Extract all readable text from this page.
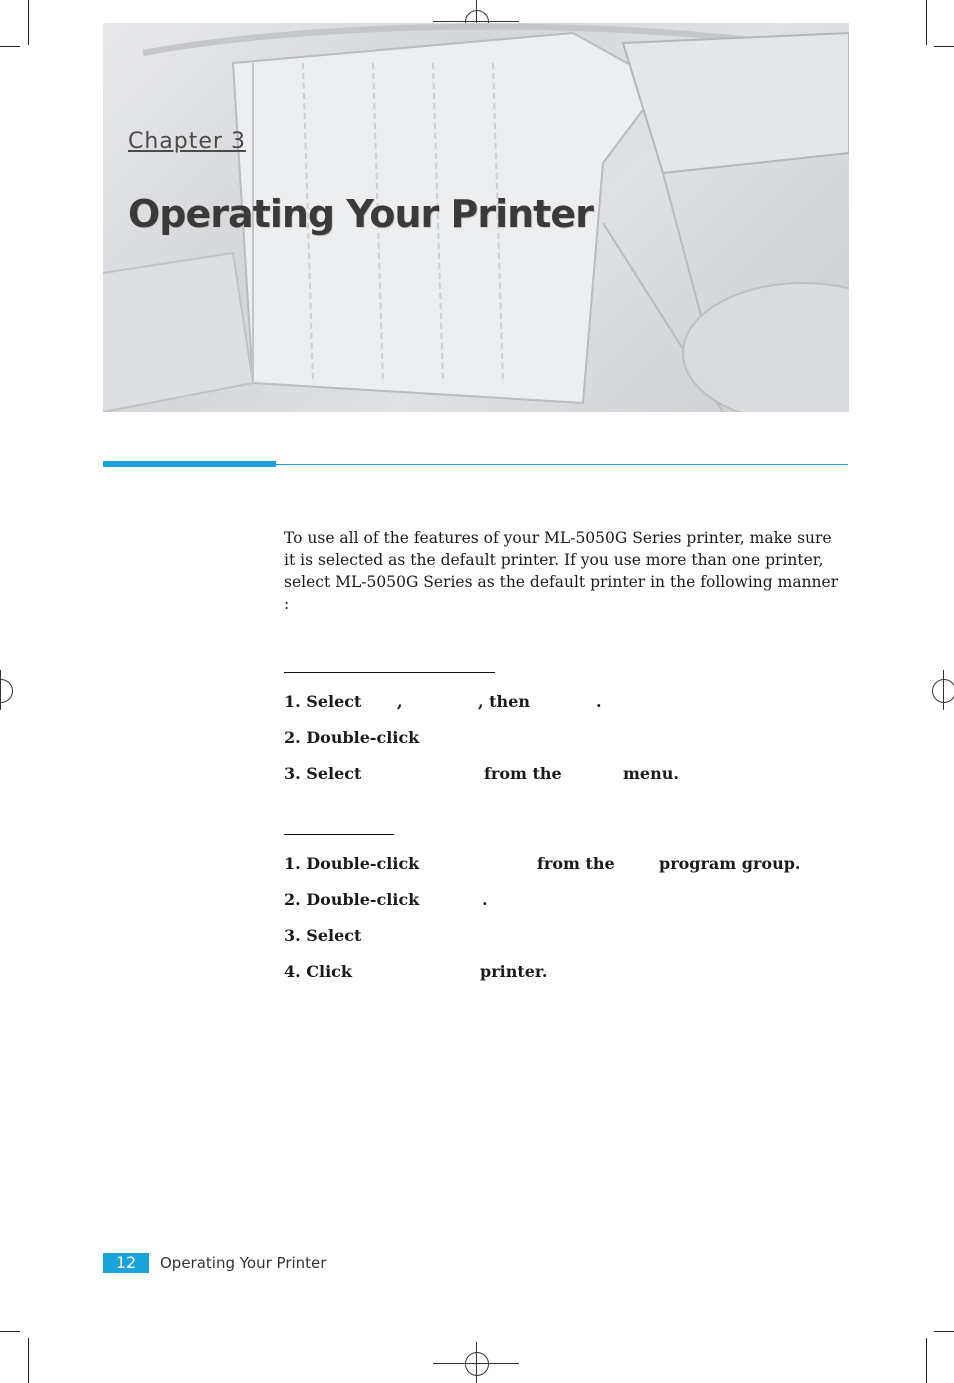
Chapter 3
Operating Your Printer
To use all of the features of your ML-5050G Series printer, make sure it is selected as the default printer. If you use more than one printer, select ML-5050G Series as the default printer in the following manner :
1. Select ,	, then	.
2. Double-click
3. Select	from the	menu.
1. Double-click	from the	program group.
2. Double-click	.
3. Select
4. Click	printer.
12	Operating Your Printer
